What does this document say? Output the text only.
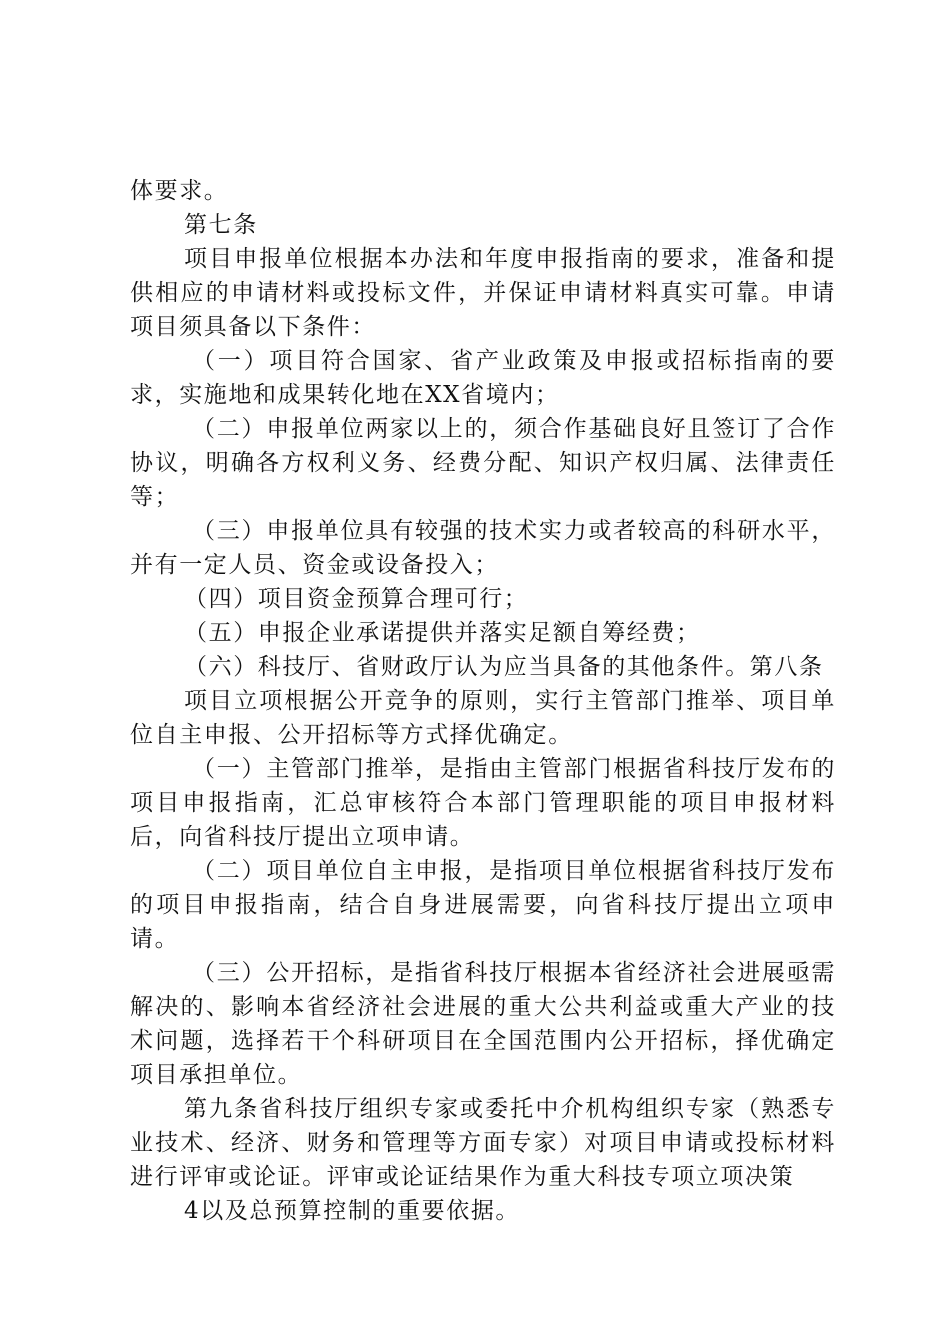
体要求。

第七条

项目申报单位根据本办法和年度申报指南的要求，准备和提供相应的申请材料或投标文件，并保证申请材料真实可靠。申请项目须具备以下条件：

（一）项目符合国家、省产业政策及申报或招标指南的要求，实施地和成果转化地在XX省境内；

（二）申报单位两家以上的，须合作基础良好且签订了合作协议，明确各方权利义务、经费分配、知识产权归属、法律责任等；

（三）申报单位具有较强的技术实力或者较高的科研水平，并有一定人员、资金或设备投入；

（四）项目资金预算合理可行；

（五）申报企业承诺提供并落实足额自筹经费；

（六）科技厅、省财政厅认为应当具备的其他条件。第八条

项目立项根据公开竞争的原则，实行主管部门推举、项目单位自主申报、公开招标等方式择优确定。

（一）主管部门推举，是指由主管部门根据省科技厅发布的项目申报指南，汇总审核符合本部门管理职能的项目申报材料后，向省科技厅提出立项申请。

（二）项目单位自主申报，是指项目单位根据省科技厅发布的项目申报指南，结合自身进展需要，向省科技厅提出立项申请。

（三）公开招标，是指省科技厅根据本省经济社会进展亟需解决的、影响本省经济社会进展的重大公共利益或重大产业的技术问题，选择若干个科研项目在全国范围内公开招标，择优确定项目承担单位。

第九条省科技厅组织专家或委托中介机构组织专家（熟悉专业技术、经济、财务和管理等方面专家）对项目申请或投标材料进行评审或论证。评审或论证结果作为重大科技专项立项决策

4以及总预算控制的重要依据。
